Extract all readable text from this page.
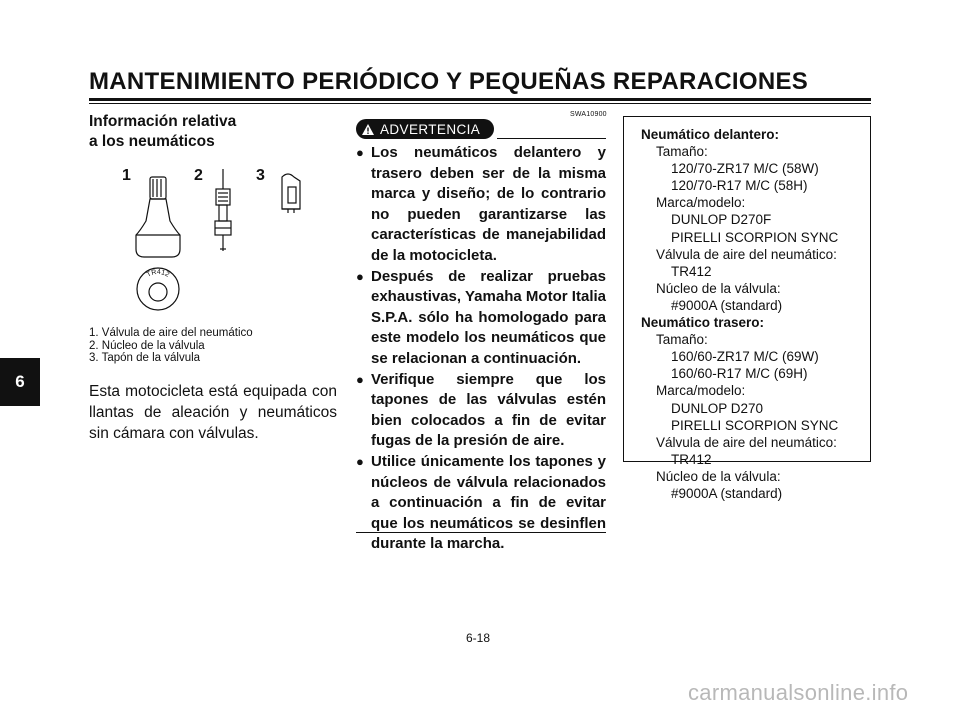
MANTENIMIENTO PERIÓDICO Y PEQUEÑAS REPARACIONES
6
Información relativa
a los neumáticos
1	2	3
TR412
1. Válvula de aire del neumático
2. Núcleo de la válvula
3. Tapón de la válvula
Esta motocicleta está equipada con llantas de aleación y neumáticos sin cámara con válvulas.
SWA10900
ADVERTENCIA
● Los neumáticos delantero y trasero deben ser de la misma marca y diseño; de lo contrario no pueden garantizarse las características de manejabilidad de la motocicleta.
● Después de realizar pruebas exhaustivas, Yamaha Motor Italia S.P.A. sólo ha homologado para este modelo los neumáticos que se relacionan a continuación.
● Verifique siempre que los tapones de las válvulas estén bien colocados a fin de evitar fugas de la presión de aire.
● Utilice únicamente los tapones y núcleos de válvula relacionados a continuación a fin de evitar que los neumáticos se desinflen durante la marcha.
Neumático delantero:
Tamaño:
120/70-ZR17 M/C (58W)
120/70-R17 M/C (58H)
Marca/modelo:
DUNLOP D270F
PIRELLI SCORPION SYNC
Válvula de aire del neumático:
TR412
Núcleo de la válvula:
#9000A (standard)
Neumático trasero:
Tamaño:
160/60-ZR17 M/C (69W)
160/60-R17 M/C (69H)
Marca/modelo:
DUNLOP D270
PIRELLI SCORPION SYNC
Válvula de aire del neumático:
TR412
Núcleo de la válvula:
#9000A (standard)
6-18
carmanualsonline.info
